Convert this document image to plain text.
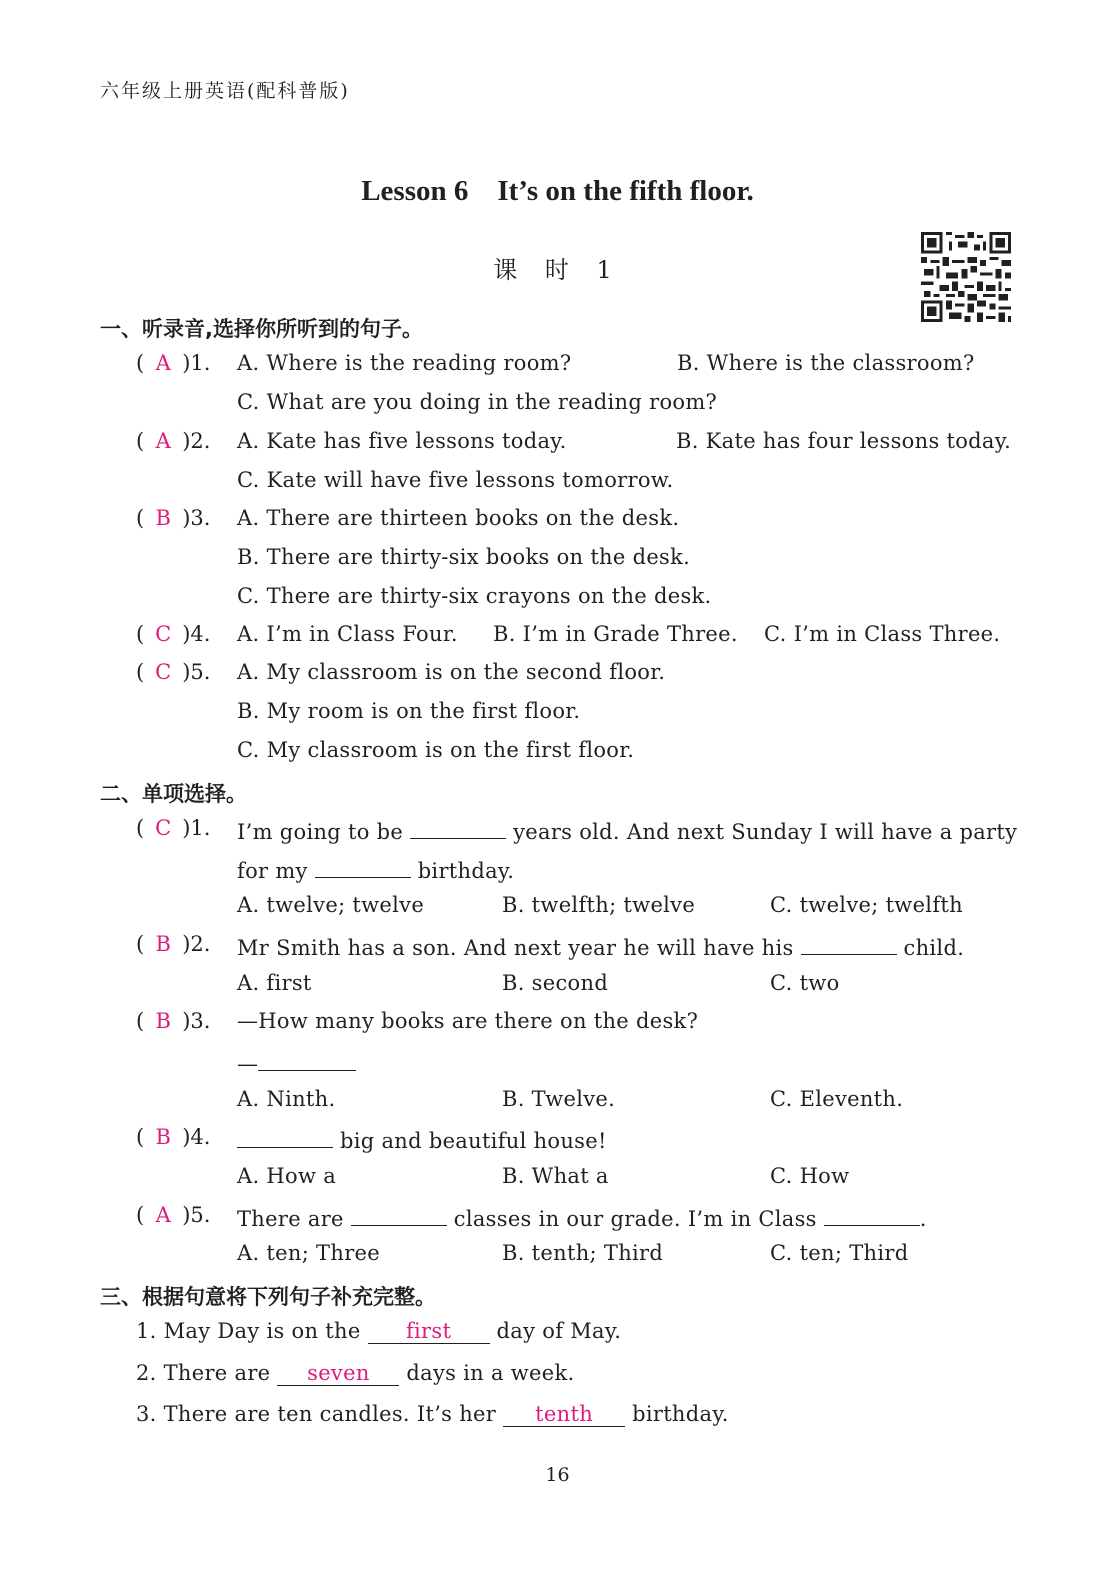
六年级上册英语(配科普版)
Lesson 6　It’s on the fifth floor.
课 时 1
一、听录音,选择你所听到的句子。
( A )1. A. Where is the reading room?	B. Where is the classroom?
C. What are you doing in the reading room?
( A )2. A. Kate has five lessons today.	B. Kate has four lessons today.
C. Kate will have five lessons tomorrow.
( B )3. A. There are thirteen books on the desk.
B. There are thirty-six books on the desk.
C. There are thirty-six crayons on the desk.
( C )4. A. I’m in Class Four. B. I’m in Grade Three. C. I’m in Class Three.
( C )5. A. My classroom is on the second floor.
B. My room is on the first floor.
C. My classroom is on the first floor.
二、单项选择。
( C )1. I’m going to be	years old. And next Sunday I will have a party
for my	birthday.
A. twelve; twelve	B. twelfth; twelve	C. twelve; twelfth
( B )2. Mr Smith has a son. And next year he will have his	child.
A. first	B. second	C. two
( B )3. —How many books are there on the desk?
—
A. Ninth.	B. Twelve.	C. Eleventh.
( B )4.	big and beautiful house!
A. How a	B. What a	C. How
( A )5. There are	classes in our grade. I’m in Class	.
A. ten; Three	B. tenth; Third	C. ten; Third
三、根据句意将下列句子补充完整。
1. May Day is on the first day of May.
2. There are seven days in a week.
3. There are ten candles. It’s her tenth birthday.
16
